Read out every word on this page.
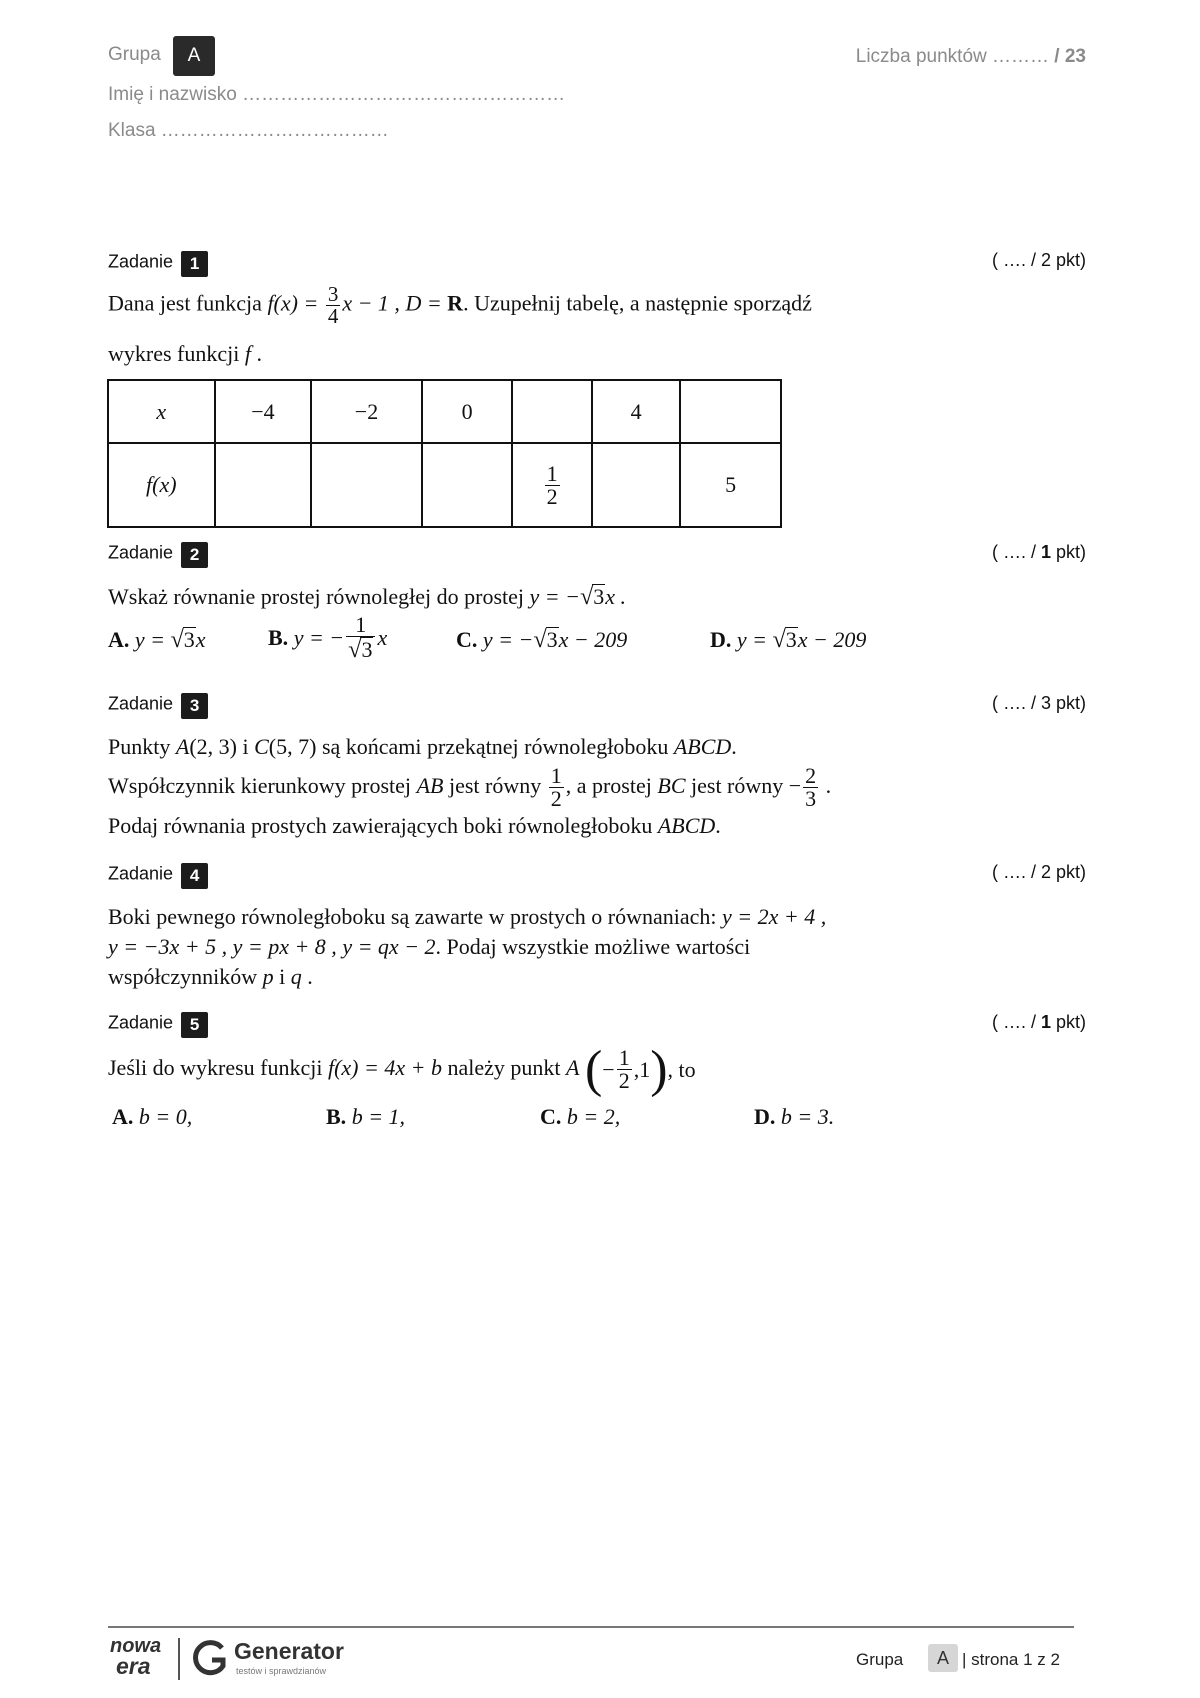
Grupa	A
Imię i nazwisko ……………………………………………
Klasa ………………………………
Liczba punktów ……… / 23
Zadanie 1	( …. / 2 pkt)
Dana jest funkcja $f(x) = \frac{3}{4}$ x − 1 , D = R. Uzupełnij tabelę, a następnie sporządź
wykres funkcji f .
x	−4	−2	0		4	
f(x)				$\frac{1}{2}$		5
Zadanie 2	( …. / 1 pkt)
Wskaż równanie prostej równoległej do prostej y = −√3x .
A. y = √3x	B. y = − $\frac{1}{√3}$ x	C. y = −√3x − 209	D. y = √3x − 209
Zadanie 3	( …. / 3 pkt)
Punkty A(2, 3) i C(5, 7) są końcami przekątnej równoległoboku ABCD.
Współczynnik kierunkowy prostej AB jest równy $\frac{1}{2}$ , a prostej BC jest równy − $\frac{2}{3}$ .
Podaj równania prostych zawierających boki równoległoboku ABCD.
Zadanie 4	( …. / 2 pkt)
Boki pewnego równoległoboku są zawarte w prostych o równaniach: y = 2x + 4 ,
y = −3x + 5 , y = px + 8 , y = qx − 2. Podaj wszystkie możliwe wartości
współczynników p i q .
Zadanie 5	( …. / 1 pkt)
Jeśli do wykresu funkcji f(x) = 4x + b należy punkt A (− $\frac{1}{2} ,1$), to
A. b = 0,	B. b = 1,	C. b = 2,	D. b = 3.
nowa
era
Generator
testów i sprawdzianów
Grupa	A | strona 1 z 2
